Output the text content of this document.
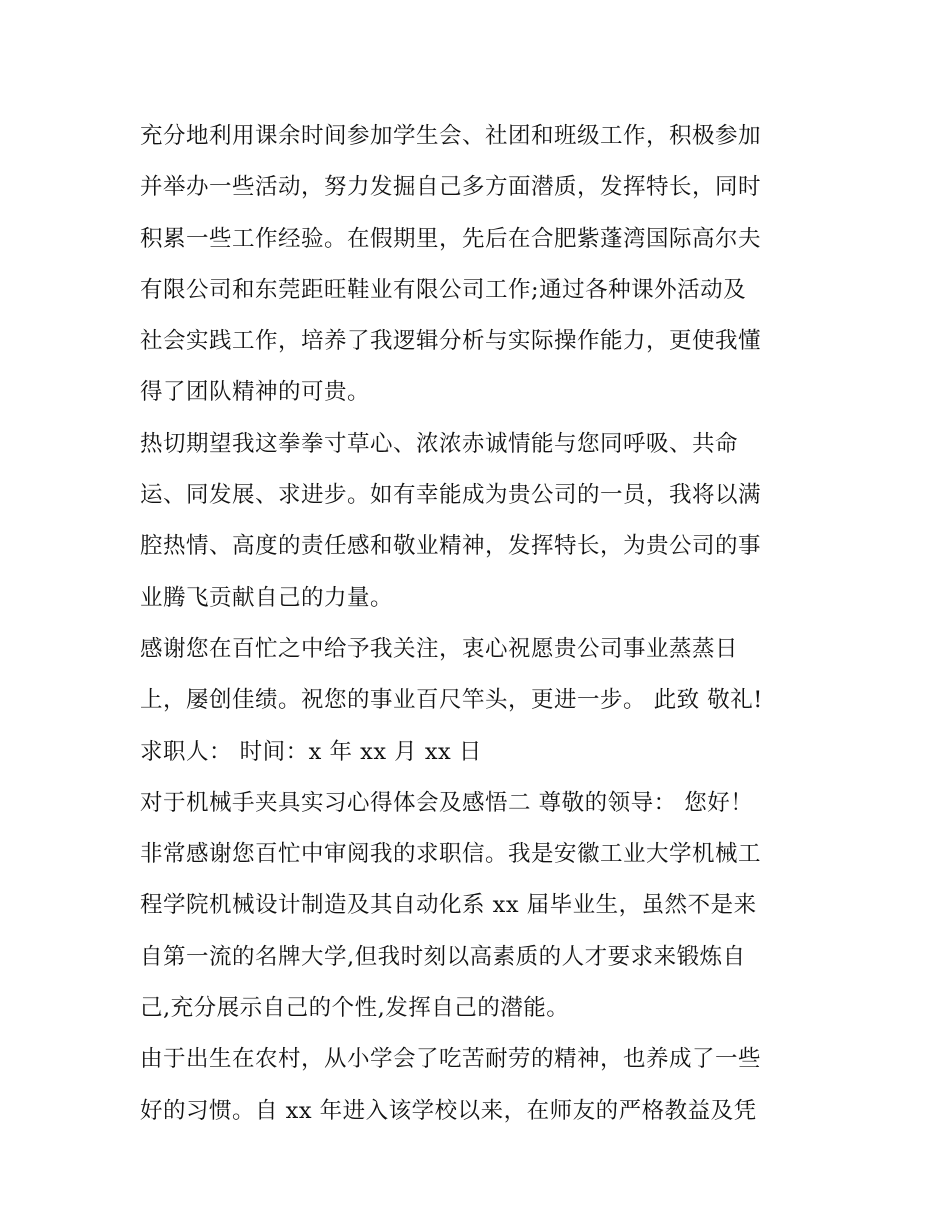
充分地利用课余时间参加学生会、社团和班级工作，积极参加
并举办一些活动，努力发掘自己多方面潜质，发挥特长，同时
积累一些工作经验。在假期里，先后在合肥紫蓬湾国际高尔夫
有限公司和东莞距旺鞋业有限公司工作;通过各种课外活动及
社会实践工作，培养了我逻辑分析与实际操作能力，更使我懂
得了团队精神的可贵。
热切期望我这拳拳寸草心、浓浓赤诚情能与您同呼吸、共命
运、同发展、求进步。如有幸能成为贵公司的一员，我将以满
腔热情、高度的责任感和敬业精神，发挥特长，为贵公司的事
业腾飞贡献自己的力量。
感谢您在百忙之中给予我关注，衷心祝愿贵公司事业蒸蒸日
上，屡创佳绩。祝您的事业百尺竿头，更进一步。 此致 敬礼!
求职人： 时间：x 年 xx 月 xx 日
对于机械手夹具实习心得体会及感悟二 尊敬的领导： 您好！
非常感谢您百忙中审阅我的求职信。我是安徽工业大学机械工
程学院机械设计制造及其自动化系 xx 届毕业生，虽然不是来
自第一流的名牌大学,但我时刻以高素质的人才要求来锻炼自
己,充分展示自己的个性,发挥自己的潜能。
由于出生在农村，从小学会了吃苦耐劳的精神，也养成了一些
好的习惯。自 xx 年进入该学校以来，在师友的严格教益及凭
